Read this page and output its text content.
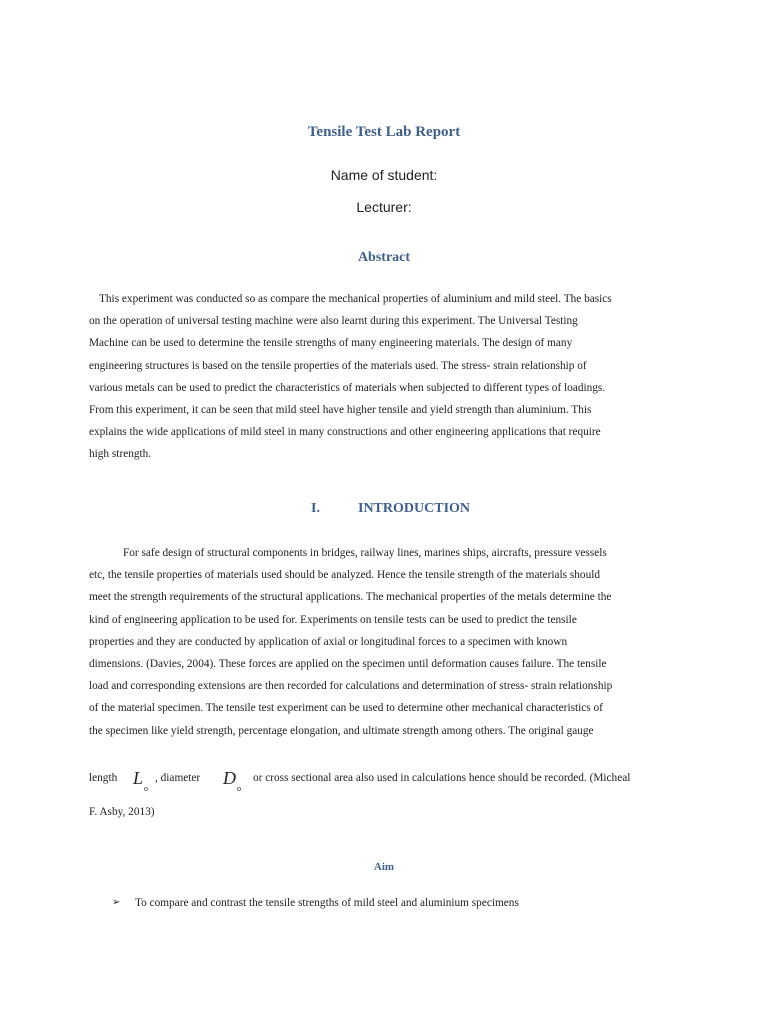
Tensile Test Lab Report
Name of student:
Lecturer:
Abstract
This experiment was conducted so as compare the mechanical properties of aluminium and mild steel. The basics
on the operation of universal testing machine were also learnt during this experiment. The Universal Testing
Machine can be used to determine the tensile strengths of many engineering materials. The design of many
engineering structures is based on the tensile properties of the materials used. The stress- strain relationship of
various metals can be used to predict the characteristics of materials when subjected to different types of loadings.
From this experiment, it can be seen that mild steel have higher tensile and yield strength than aluminium. This
explains the wide applications of mild steel in many constructions and other engineering applications that require
high strength.
I.	INTRODUCTION
For safe design of structural components in bridges, railway lines, marines ships, aircrafts, pressure vessels
etc, the tensile properties of materials used should be analyzed. Hence the tensile strength of the materials should
meet the strength requirements of the structural applications. The mechanical properties of the metals determine the
kind of engineering application to be used for. Experiments on tensile tests can be used to predict the tensile
properties and they are conducted by application of axial or longitudinal forces to a specimen with known
dimensions. (Davies, 2004). These forces are applied on the specimen until deformation causes failure. The tensile
load and corresponding extensions are then recorded for calculations and determination of stress- strain relationship
of the material specimen. The tensile test experiment can be used to determine other mechanical characteristics of
the specimen like yield strength, percentage elongation, and ultimate strength among others. The original gauge
length L
o
, diameter D
o
or cross sectional area also used in calculations hence should be recorded. (Micheal
F. Asby, 2013)
Aim
➢ To compare and contrast the tensile strengths of mild steel and aluminium specimens
